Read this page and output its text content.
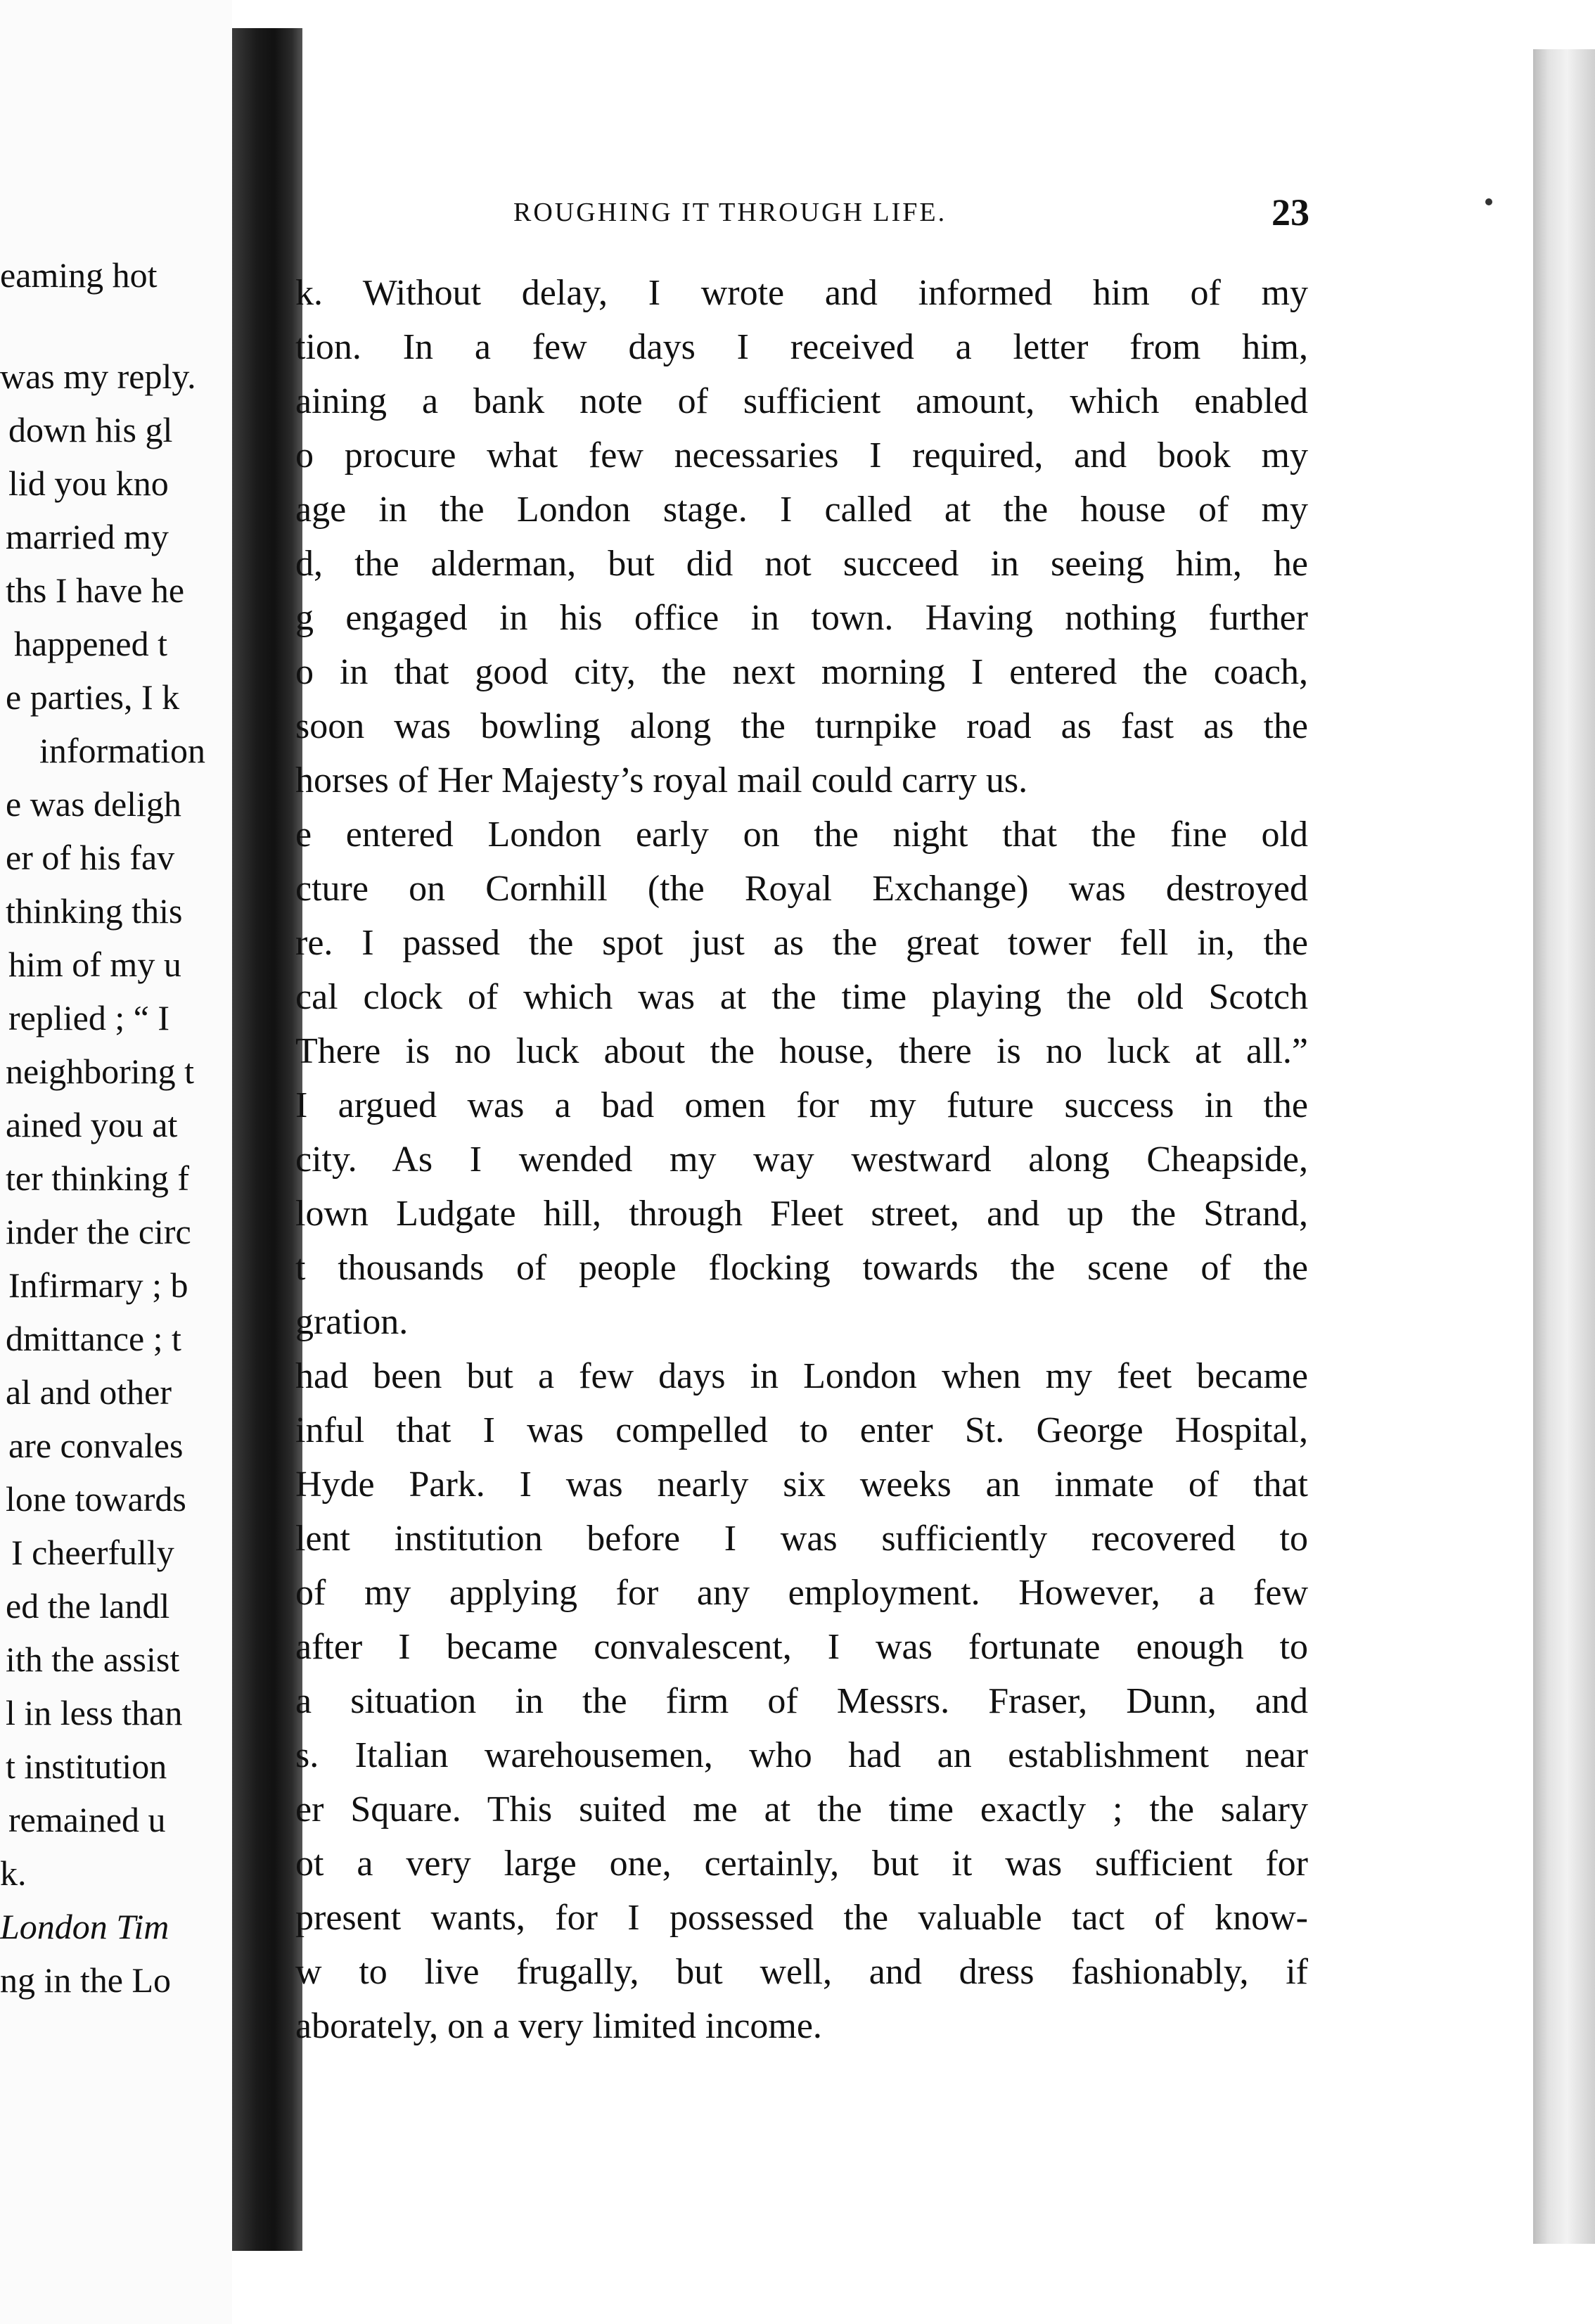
eaming hot
was my reply.
down his gl
lid you kno
married my
ths I have he
happened t
e parties, I k
information
e was deligh
er of his fav
thinking this
him of my u
replied ; “ I
neighboring t
ained you at
ter thinking f
inder the circ
Infirmary ; b
dmittance ; t
al and other
are convales
lone towards
I cheerfully
ed the landl
ith the assist
l in less than
t institution
remained u
k.
London Tim
ng in the Lo
ROUGHING IT THROUGH LIFE.	23
k. Without delay, I wrote and informed him of my
tion. In a few days I received a letter from him,
aining a bank note of sufficient amount, which enabled
o procure what few necessaries I required, and book my
age in the London stage. I called at the house of my
d, the alderman, but did not succeed in seeing him, he
g engaged in his office in town. Having nothing further
o in that good city, the next morning I entered the coach,
soon was bowling along the turnpike road as fast as the
horses of Her Majesty’s royal mail could carry us.
e entered London early on the night that the fine old
cture on Cornhill (the Royal Exchange) was destroyed
re. I passed the spot just as the great tower fell in, the
cal clock of which was at the time playing the old Scotch
There is no luck about the house, there is no luck at all.”
I argued was a bad omen for my future success in the
city. As I wended my way westward along Cheapside,
lown Ludgate hill, through Fleet street, and up the Strand,
t thousands of people flocking towards the scene of the
gration.
had been but a few days in London when my feet became
inful that I was compelled to enter St. George Hospital,
Hyde Park. I was nearly six weeks an inmate of that
lent institution before I was sufficiently recovered to
of my applying for any employment. However, a few
after I became convalescent, I was fortunate enough to
a situation in the firm of Messrs. Fraser, Dunn, and
s. Italian warehousemen, who had an establishment near
er Square. This suited me at the time exactly ; the salary
ot a very large one, certainly, but it was sufficient for
present wants, for I possessed the valuable tact of know-
w to live frugally, but well, and dress fashionably, if
aborately, on a very limited income.
